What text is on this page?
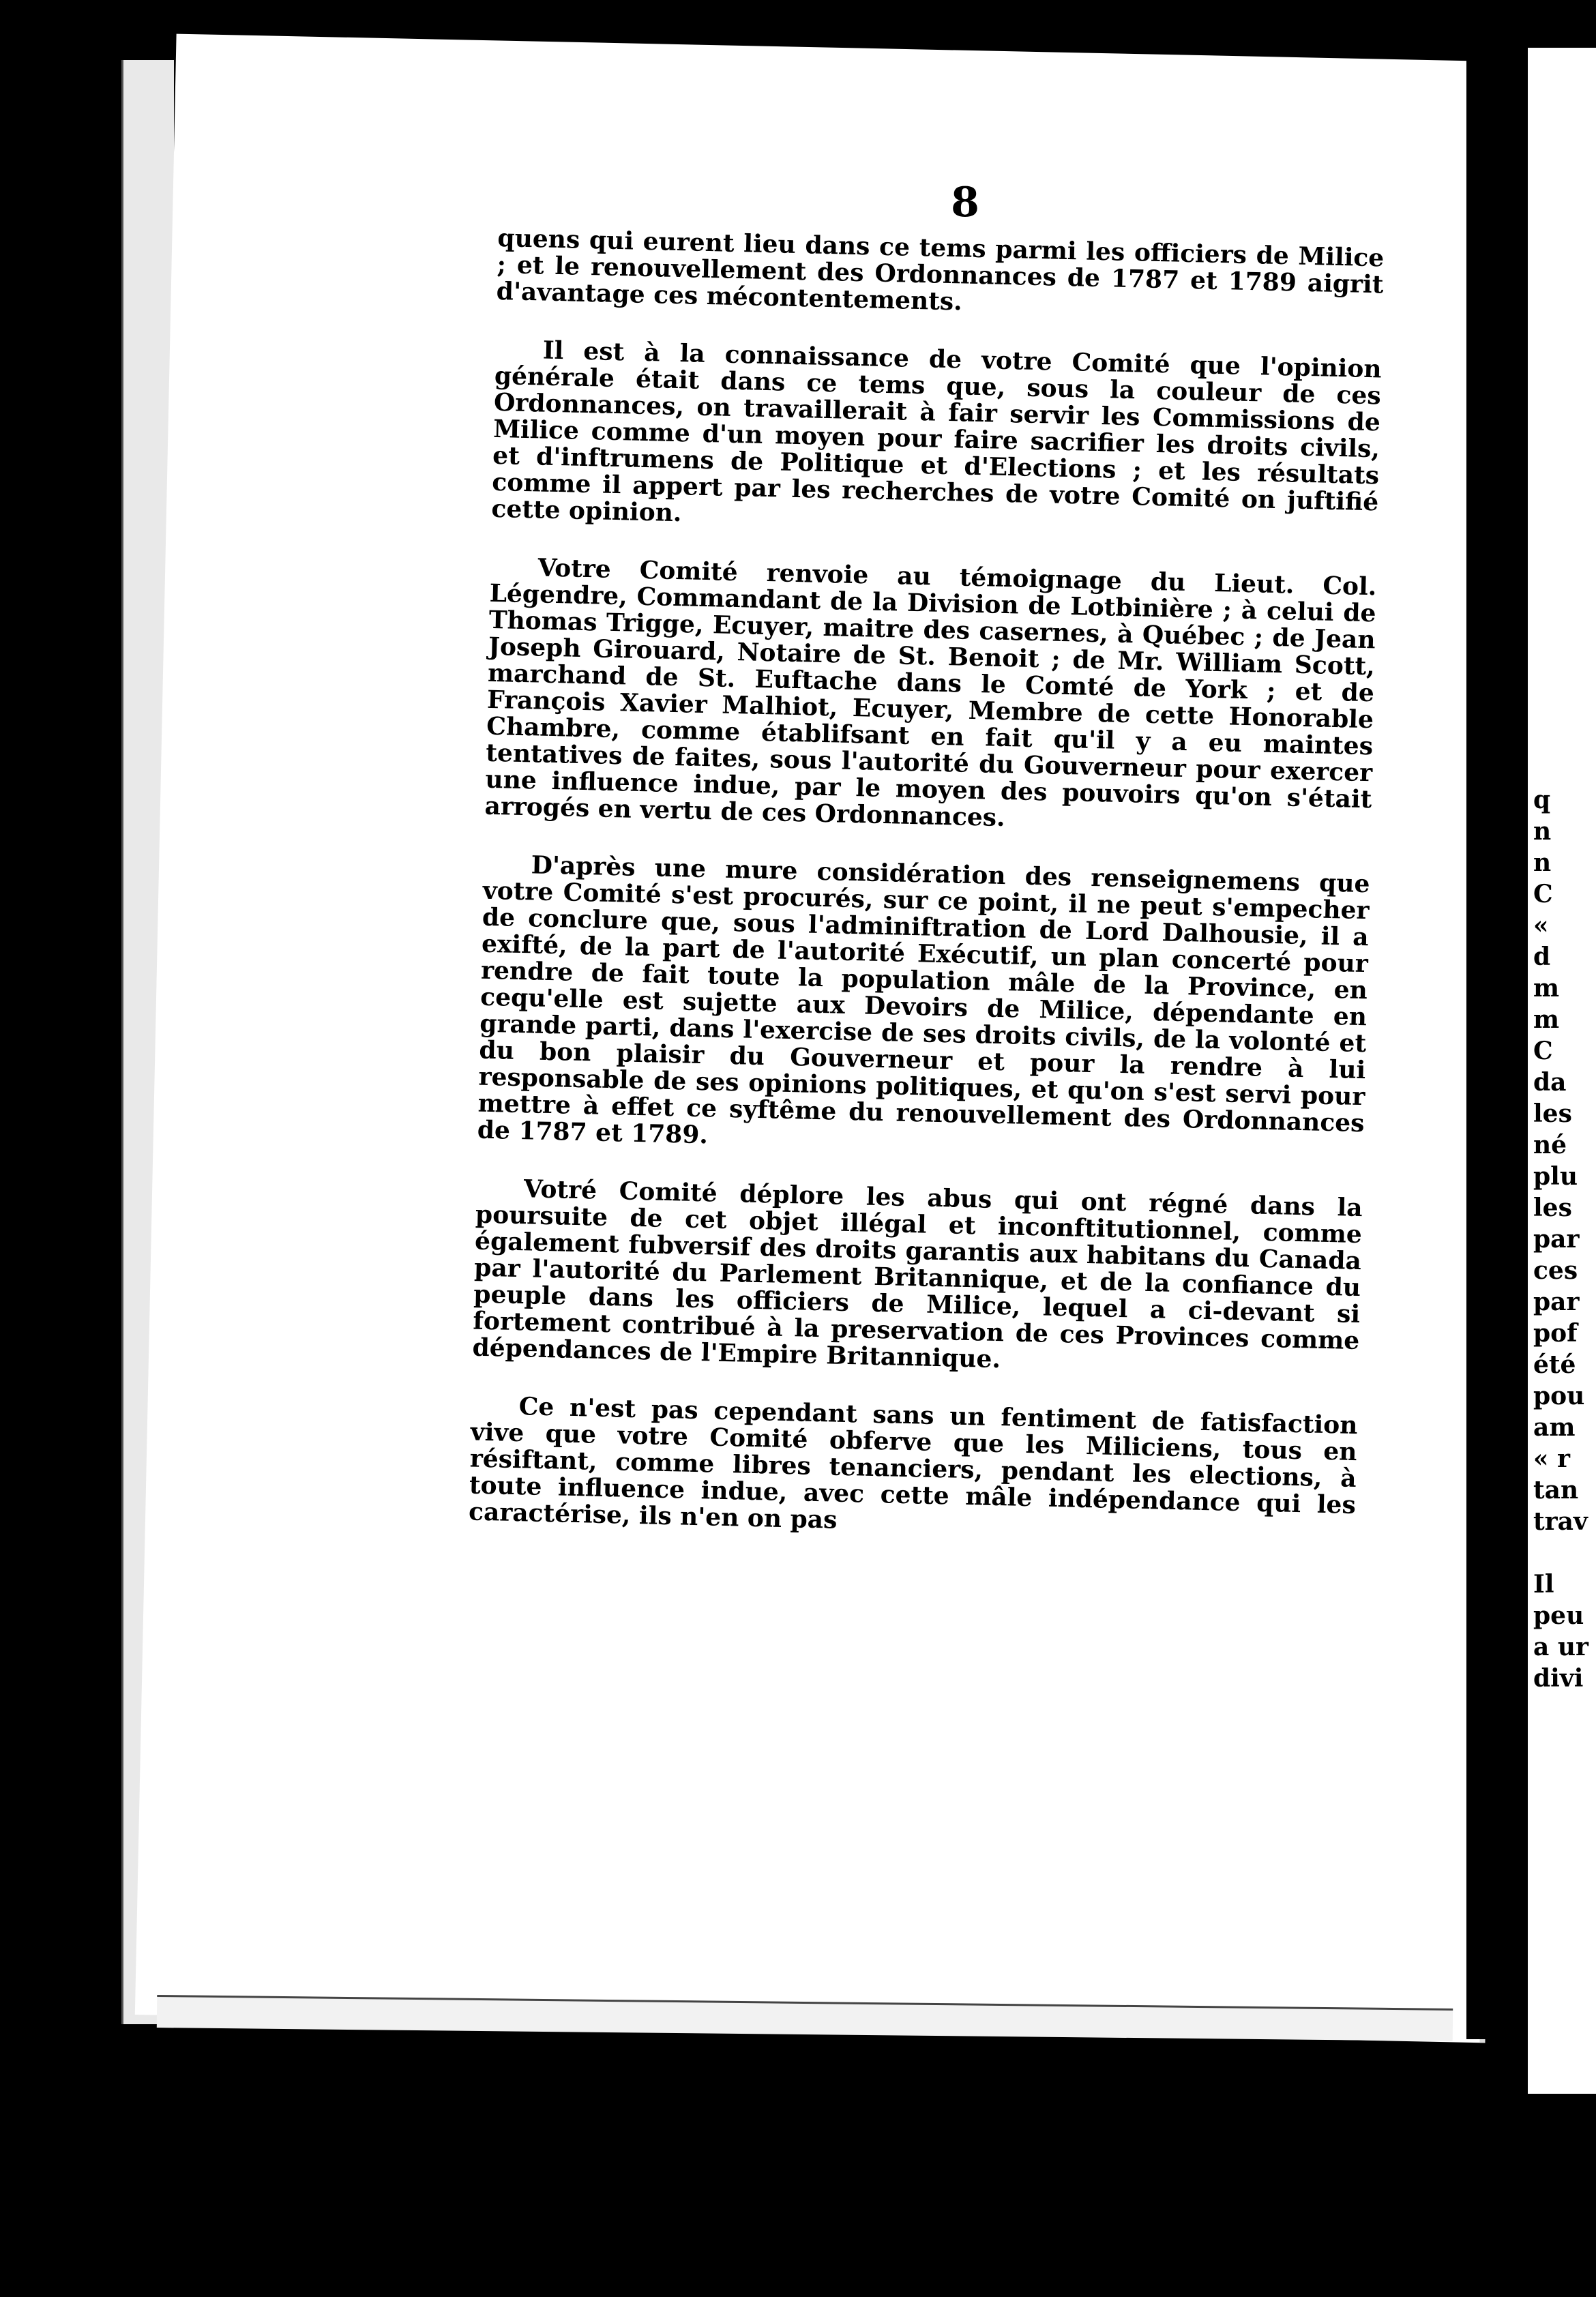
8

quens qui eurent lieu dans ce tems parmi les officiers de Milice ; et le renouvellement des Ordonnances de 1787 et 1789 aigrit d'avantage ces mécontentements.

Il est à la connaissance de votre Comité que l'opinion générale était dans ce tems que, sous la couleur de ces Ordonnances, on travaillerait à fair servir les Commissions de Milice comme d'un moyen pour faire sacrifier les droits civils, et d'inftrumens de Politique et d'Elections ; et les résultats comme il appert par les recherches de votre Comité on juftifié cette opinion.

Votre Comité renvoie au témoignage du Lieut. Col. Légendre, Commandant de la Division de Lotbinière ; à celui de Thomas Trigge, Ecuyer, maitre des casernes, à Québec ; de Jean Joseph Girouard, Notaire de St. Benoit ; de Mr. William Scott, marchand de St. Euftache dans le Comté de York ; et de François Xavier Malhiot, Ecuyer, Membre de cette Honorable Chambre, comme établifsant en fait qu'il y a eu maintes tentatives de faites, sous l'autorité du Gouverneur pour exercer une influence indue, par le moyen des pouvoirs qu'on s'était arrogés en vertu de ces Ordonnances.

D'après une mure considération des renseignemens que votre Comité s'est procurés, sur ce point, il ne peut s'empecher de conclure que, sous l'adminiftration de Lord Dalhousie, il a exifté, de la part de l'autorité Exécutif, un plan concerté pour rendre de fait toute la population mâle de la Province, en cequ'elle est sujette aux Devoirs de Milice, dépendante en grande parti, dans l'exercise de ses droits civils, de la volonté et du bon plaisir du Gouverneur et pour la rendre à lui responsable de ses opinions politiques, et qu'on s'est servi pour mettre à effet ce syftême du renouvellement des Ordonnances de 1787 et 1789.

Votré Comité déplore les abus qui ont régné dans la poursuite de cet objet illégal et inconftitutionnel, comme également fubversif des droits garantis aux habitans du Canada par l'autorité du Parlement Britannique, et de la confiance du peuple dans les officiers de Milice, lequel a ci-devant si fortement contribué à la preservation de ces Provinces comme dépendances de l'Empire Britannique.

Ce n'est pas cependant sans un fentiment de fatisfaction vive que votre Comité obferve que les Miliciens, tous en résiftant, comme libres tenanciers, pendant les elections, à toute influence indue, avec cette mâle indépendance qui les caractérise, ils n'en on pas

q
n
n
C
«
d
m
m
C
da
les
né
plu
les
par
ces
par
pof
été
pou
am
« r
tan
trav
Il
peu
a ur
divi
